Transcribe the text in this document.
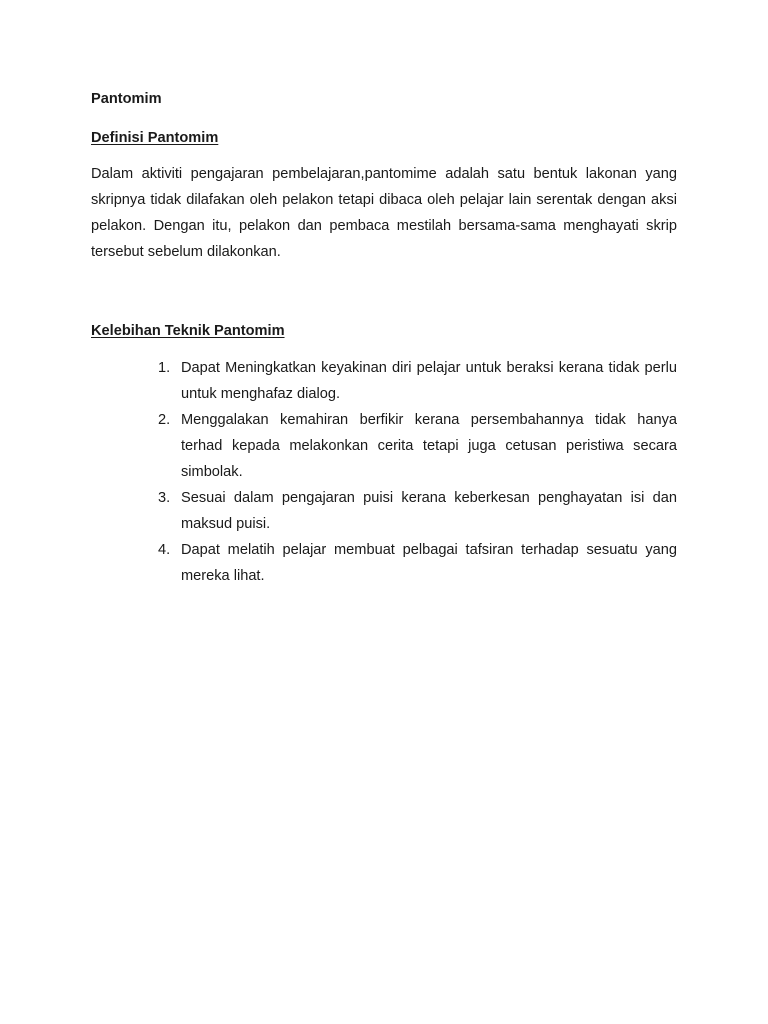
Pantomim
Definisi Pantomim

Dalam aktiviti pengajaran pembelajaran,pantomime adalah satu bentuk lakonan yang skripnya tidak dilafakan oleh pelakon tetapi dibaca oleh pelajar lain serentak dengan aksi pelakon. Dengan itu, pelakon dan pembaca mestilah bersama-sama menghayati skrip tersebut sebelum dilakonkan.

Kelebihan Teknik Pantomim
1. Dapat Meningkatkan keyakinan diri pelajar untuk beraksi kerana tidak perlu untuk menghafaz dialog.
2. Menggalakan kemahiran berfikir kerana persembahannya tidak hanya terhad kepada melakonkan cerita tetapi juga cetusan peristiwa secara simbolak.
3. Sesuai dalam pengajaran puisi kerana keberkesan penghayatan isi dan maksud puisi.
4. Dapat melatih pelajar membuat pelbagai tafsiran terhadap sesuatu yang mereka lihat.
